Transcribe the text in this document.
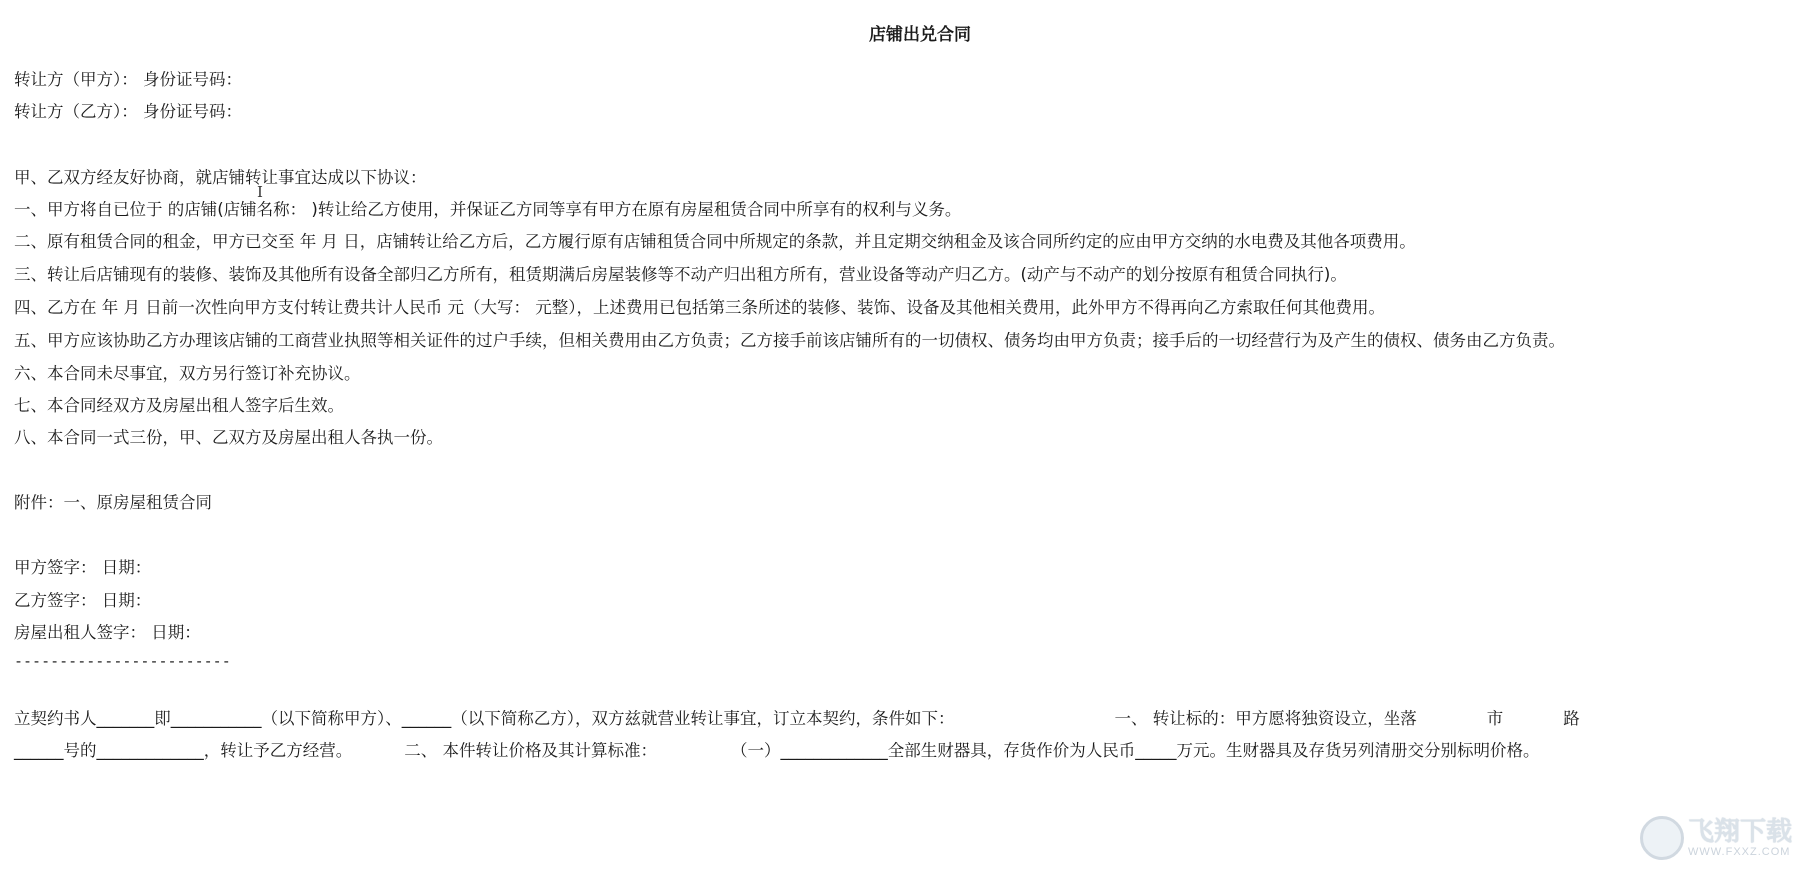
店铺出兑合同
转让方（甲方）： 身份证号码：
转让方（乙方）： 身份证号码：
甲、乙双方经友好协商，就店铺转让事宜达成以下协议：
一、甲方将自已位于 的店铺(店铺名称： )转让给乙方使用，并保证乙方同等享有甲方在原有房屋租赁合同中所享有的权利与义务。
二、原有租赁合同的租金，甲方已交至 年 月 日，店铺转让给乙方后，乙方履行原有店铺租赁合同中所规定的条款，并且定期交纳租金及该合同所约定的应由甲方交纳的水电费及其他各项费用。
三、转让后店铺现有的装修、装饰及其他所有设备全部归乙方所有，租赁期满后房屋装修等不动产归出租方所有，营业设备等动产归乙方。(动产与不动产的划分按原有租赁合同执行)。
四、乙方在 年 月 日前一次性向甲方支付转让费共计人民币 元（大写： 元整），上述费用已包括第三条所述的装修、装饰、设备及其他相关费用，此外甲方不得再向乙方索取任何其他费用。
五、甲方应该协助乙方办理该店铺的工商营业执照等相关证件的过户手续，但相关费用由乙方负责；乙方接手前该店铺所有的一切债权、债务均由甲方负责；接手后的一切经营行为及产生的债权、债务由乙方负责。
六、本合同未尽事宜，双方另行签订补充协议。
七、本合同经双方及房屋出租人签字后生效。
八、本合同一式三份，甲、乙双方及房屋出租人各执一份。
附件：一、原房屋租赁合同
甲方签字： 日期：
乙方签字： 日期：
房屋出租人签字： 日期：
------------------------
立契约书人_______即___________（以下简称甲方）、______（以下简称乙方），双方兹就营业转让事宜，订立本契约，条件如下：	一、 转让标的：甲方愿将独资设立，坐落	市	路
______号的_____________，转让予乙方经营。	二、 本件转让价格及其计算标准：	（一）_____________全部生财器具，存货作价为人民币_____万元。生财器具及存货另列清册交分别标明价格。
I
飞翔下载
WWW.FXXZ.COM
